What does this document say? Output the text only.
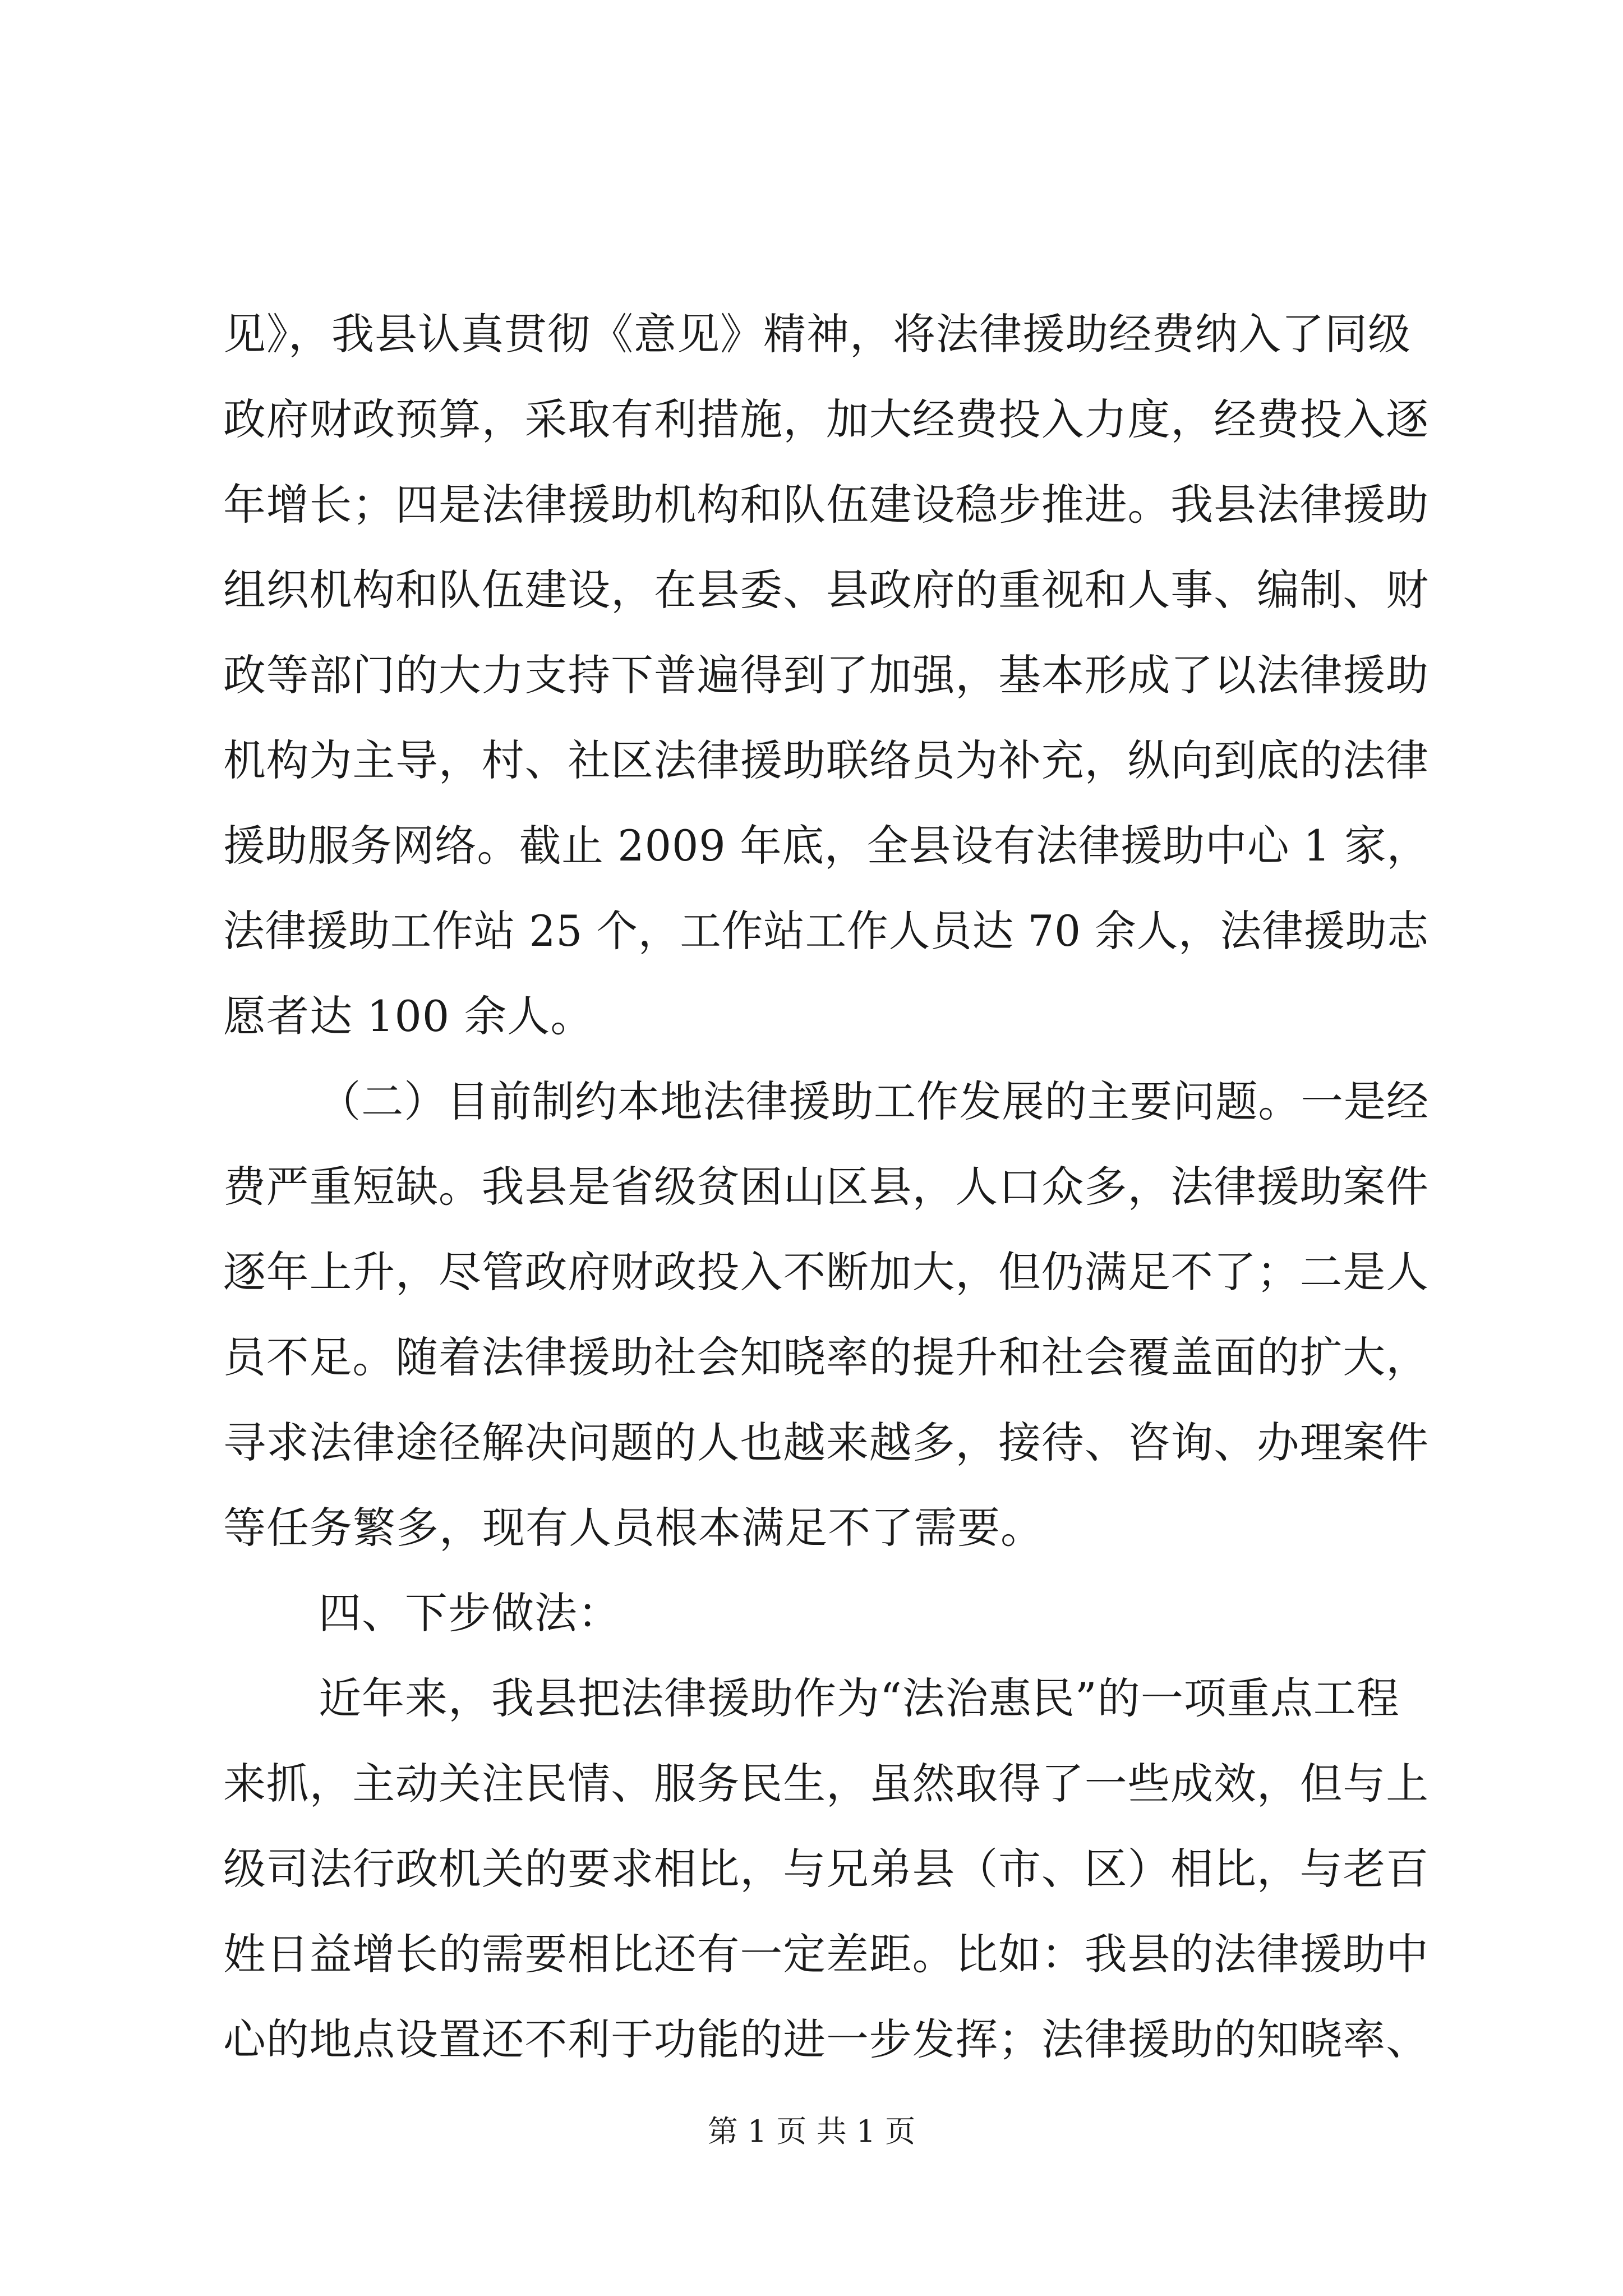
见》，我县认真贯彻《意见》精神，将法律援助经费纳入了同级
政府财政预算，采取有利措施，加大经费投入力度，经费投入逐
年增长；四是法律援助机构和队伍建设稳步推进。我县法律援助
组织机构和队伍建设，在县委、县政府的重视和人事、编制、财
政等部门的大力支持下普遍得到了加强，基本形成了以法律援助
机构为主导，村、社区法律援助联络员为补充，纵向到底的法律
援助服务网络。截止 2009 年底，全县设有法律援助中心 1 家，
法律援助工作站 25 个，工作站工作人员达 70 余人，法律援助志
愿者达 100 余人。
（二）目前制约本地法律援助工作发展的主要问题。一是经
费严重短缺。我县是省级贫困山区县，人口众多，法律援助案件
逐年上升，尽管政府财政投入不断加大，但仍满足不了；二是人
员不足。随着法律援助社会知晓率的提升和社会覆盖面的扩大，
寻求法律途径解决问题的人也越来越多，接待、咨询、办理案件
等任务繁多，现有人员根本满足不了需要。
四、下步做法：
近年来，我县把法律援助作为“法治惠民”的一项重点工程
来抓，主动关注民情、服务民生，虽然取得了一些成效，但与上
级司法行政机关的要求相比，与兄弟县（市、区）相比，与老百
姓日益增长的需要相比还有一定差距。比如：我县的法律援助中
心的地点设置还不利于功能的进一步发挥；法律援助的知晓率、
第 1 页 共 1 页
